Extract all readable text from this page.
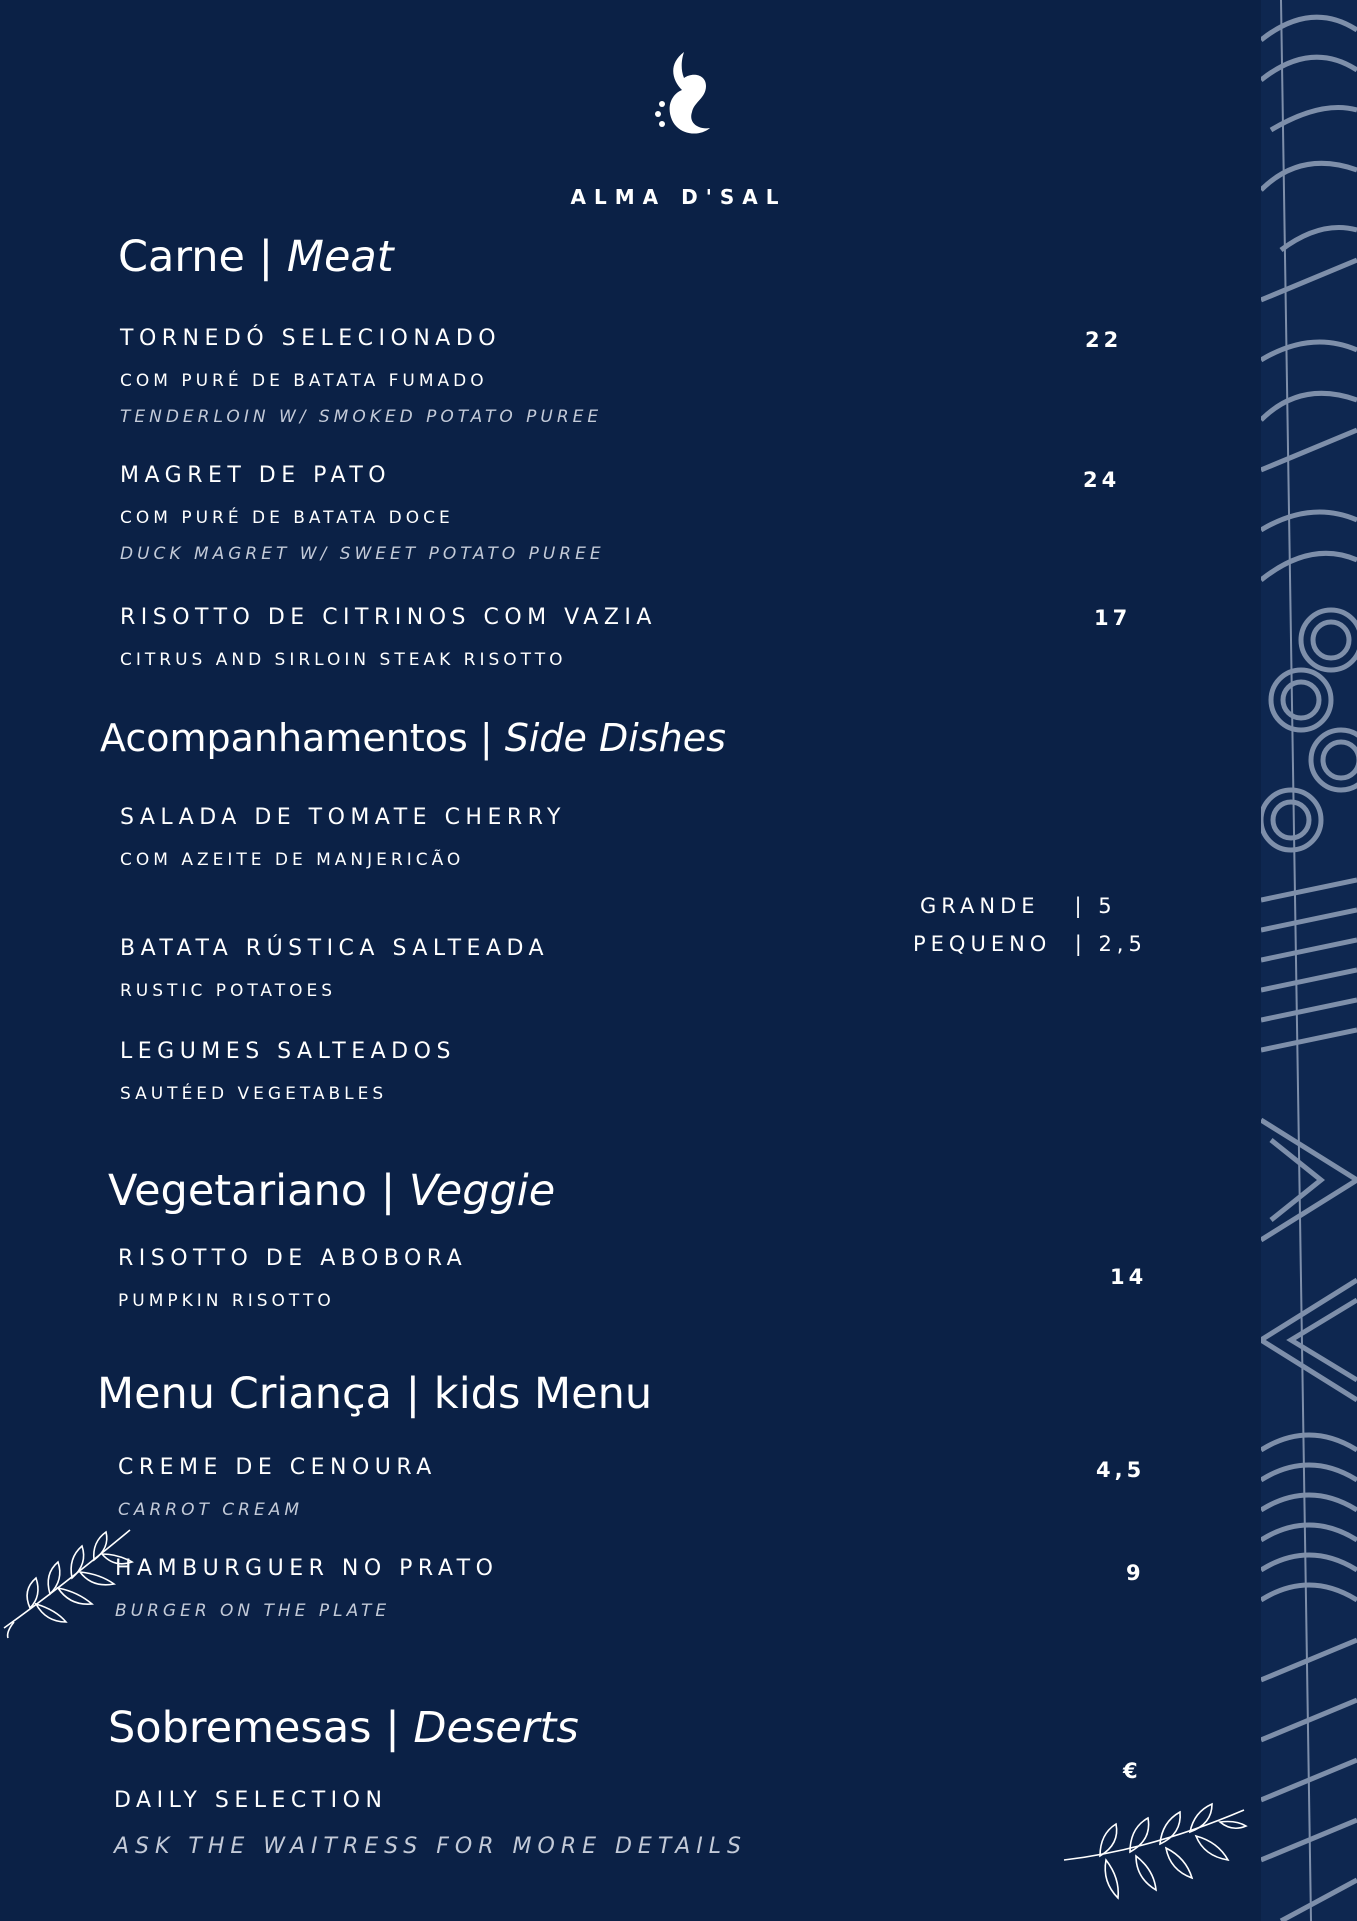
ALMA D'SAL
Carne | Meat
TORNEDÓ SELECIONADO
COM PURÉ DE BATATA FUMADO
TENDERLOIN W/ SMOKED POTATO PUREE
22
MAGRET DE PATO
COM PURÉ DE BATATA DOCE
DUCK MAGRET W/ SWEET POTATO PUREE
24
RISOTTO DE CITRINOS COM VAZIA
CITRUS AND SIRLOIN STEAK RISOTTO
17
Acompanhamentos | Side Dishes
SALADA DE TOMATE CHERRY
COM AZEITE DE MANJERICÃO
BATATA RÚSTICA SALTEADA
RUSTIC POTATOES
LEGUMES SALTEADOS
SAUTÉED VEGETABLES
GRANDE   | 5
PEQUENO  | 2,5
Vegetariano | Veggie
RISOTTO DE ABOBORA
PUMPKIN RISOTTO
14
Menu Criança | kids Menu
CREME DE CENOURA
CARROT CREAM
4,5
HAMBURGUER NO PRATO
BURGER ON THE PLATE
9
Sobremesas | Deserts
DAILY SELECTION
ASK THE WAITRESS FOR MORE DETAILS
€
